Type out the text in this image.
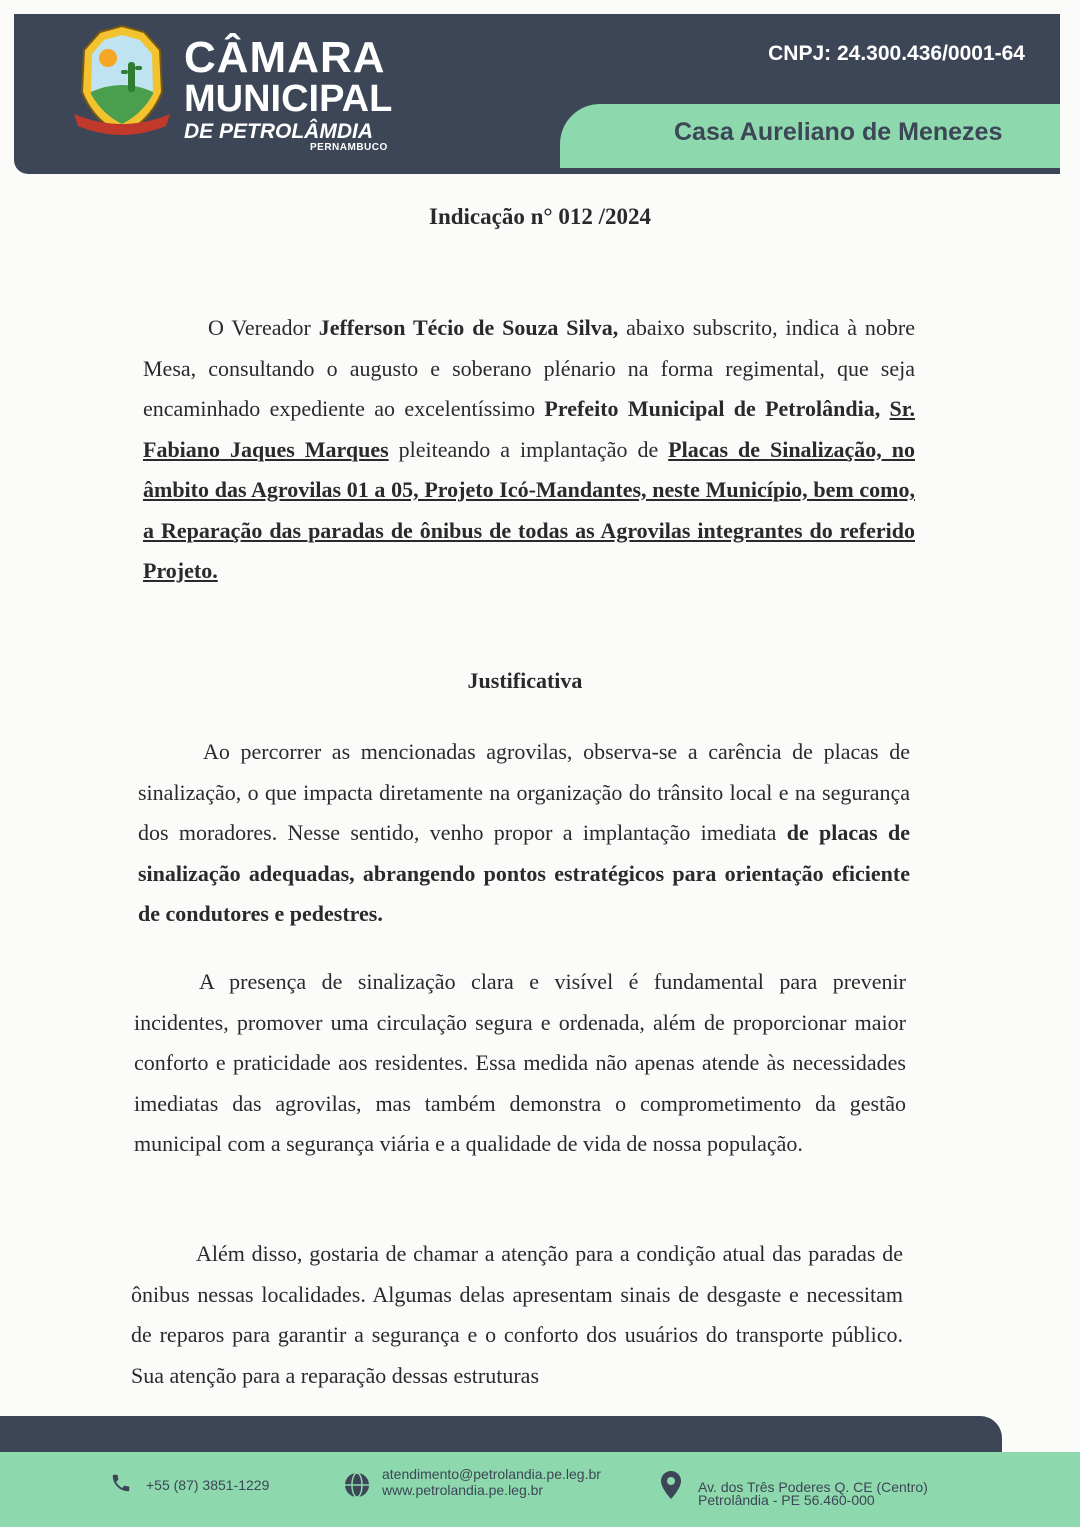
CÂMARA
MUNICIPAL
DE PETROLÂMDIA
PERNAMBUCO
CNPJ: 24.300.436/0001-64
Casa Aureliano de Menezes
Indicação n° 012 /2024

O Vereador Jefferson Técio de Souza Silva, abaixo subscrito, indica à nobre Mesa, consultando o augusto e soberano plénario na forma regimental, que seja encaminhado expediente ao excelentíssimo Prefeito Municipal de Petrolândia, Sr. Fabiano Jaques Marques pleiteando a implantação de Placas de Sinalização, no âmbito das Agrovilas 01 a 05, Projeto Icó-Mandantes, neste Município, bem como, a Reparação das paradas de ônibus de todas as Agrovilas integrantes do referido Projeto.

Justificativa

Ao percorrer as mencionadas agrovilas, observa-se a carência de placas de sinalização, o que impacta diretamente na organização do trânsito local e na segurança dos moradores. Nesse sentido, venho propor a implantação imediata de placas de sinalização adequadas, abrangendo pontos estratégicos para orientação eficiente de condutores e pedestres.

A presença de sinalização clara e visível é fundamental para prevenir incidentes, promover uma circulação segura e ordenada, além de proporcionar maior conforto e praticidade aos residentes. Essa medida não apenas atende às necessidades imediatas das agrovilas, mas também demonstra o comprometimento da gestão municipal com a segurança viária e a qualidade de vida de nossa população.

Além disso, gostaria de chamar a atenção para a condição atual das paradas de ônibus nessas localidades. Algumas delas apresentam sinais de desgaste e necessitam de reparos para garantir a segurança e o conforto dos usuários do transporte público. Sua atenção para a reparação dessas estruturas

+55 (87) 3851-1229
atendimento@petrolandia.pe.leg.br
www.petrolandia.pe.leg.br	Av. dos Três Poderes Q. CE (Centro)
Petrolândia - PE 56.460-000
